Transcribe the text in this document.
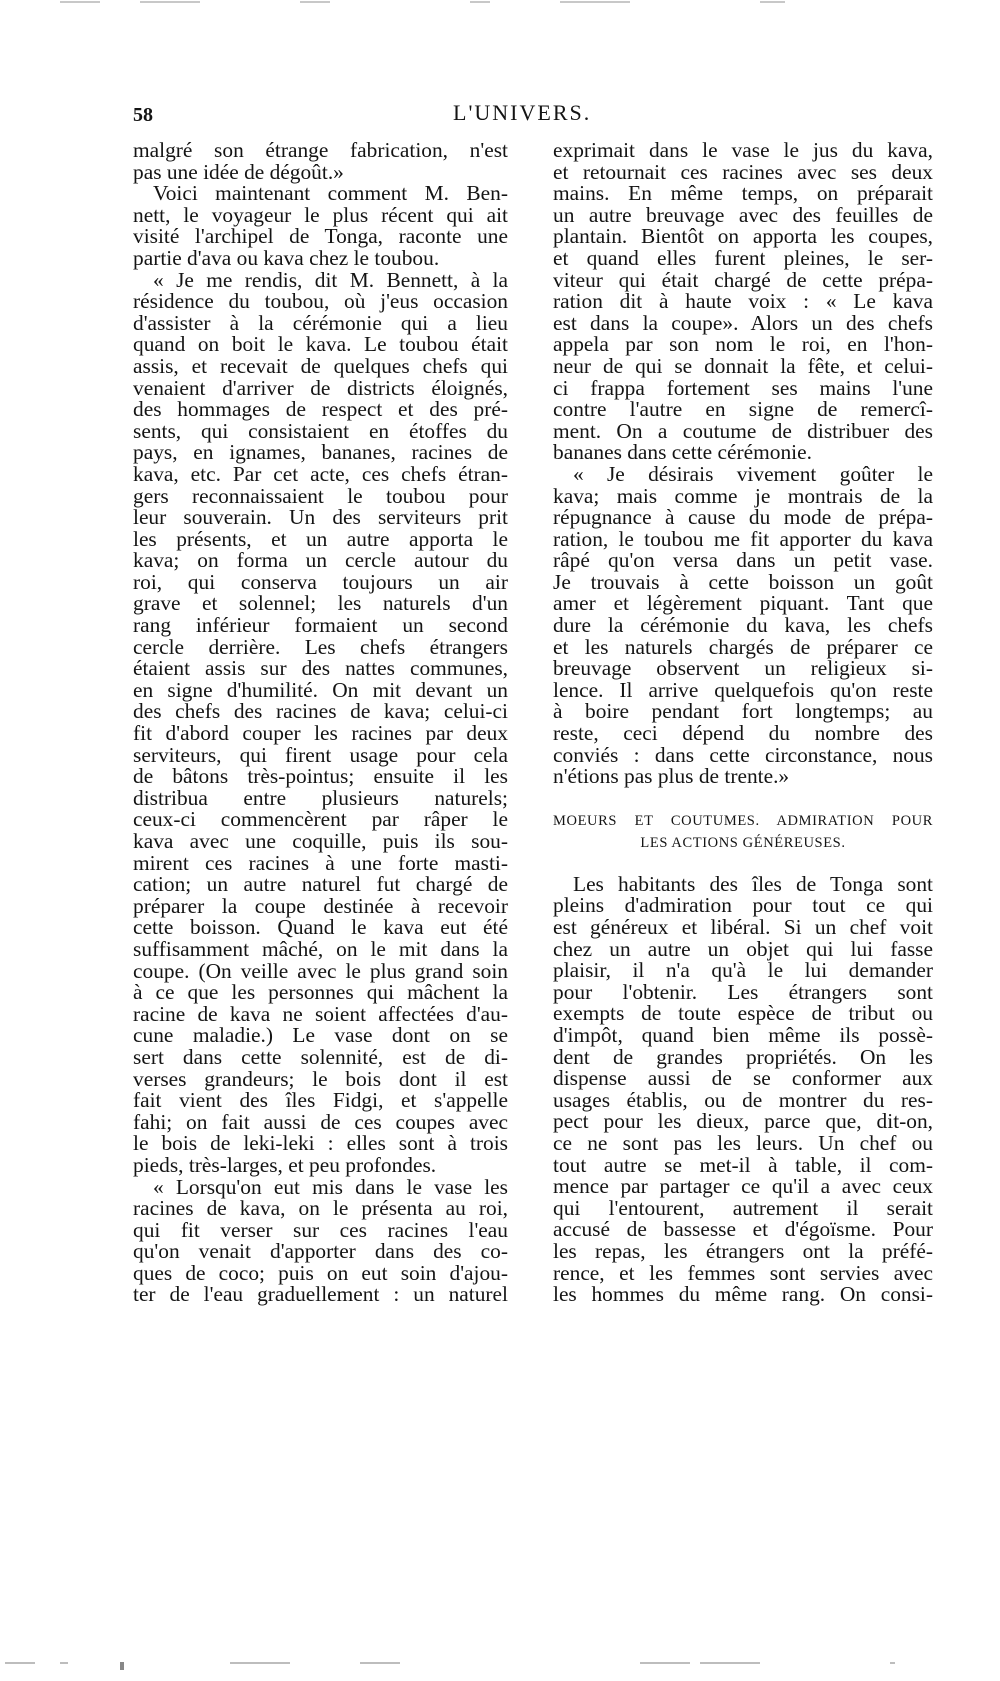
58	L'UNIVERS.
malgré son étrange fabrication, n'est
pas une idée de dégoût.»
Voici maintenant comment M. Ben-
nett, le voyageur le plus récent qui ait
visité l'archipel de Tonga, raconte une
partie d'ava ou kava chez le toubou.
« Je me rendis, dit M. Bennett, à la
résidence du toubou, où j'eus occasion
d'assister à la cérémonie qui a lieu
quand on boit le kava. Le toubou était
assis, et recevait de quelques chefs qui
venaient d'arriver de districts éloignés,
des hommages de respect et des pré-
sents, qui consistaient en étoffes du
pays, en ignames, bananes, racines de
kava, etc. Par cet acte, ces chefs étran-
gers reconnaissaient le toubou pour
leur souverain. Un des serviteurs prit
les présents, et un autre apporta le
kava; on forma un cercle autour du
roi, qui conserva toujours un air
grave et solennel; les naturels d'un
rang inférieur formaient un second
cercle derrière. Les chefs étrangers
étaient assis sur des nattes communes,
en signe d'humilité. On mit devant un
des chefs des racines de kava; celui-ci
fit d'abord couper les racines par deux
serviteurs, qui firent usage pour cela
de bâtons très-pointus; ensuite il les
distribua entre plusieurs naturels;
ceux-ci commencèrent par râper le
kava avec une coquille, puis ils sou-
mirent ces racines à une forte masti-
cation; un autre naturel fut chargé de
préparer la coupe destinée à recevoir
cette boisson. Quand le kava eut été
suffisamment mâché, on le mit dans la
coupe. (On veille avec le plus grand soin
à ce que les personnes qui mâchent la
racine de kava ne soient affectées d'au-
cune maladie.) Le vase dont on se
sert dans cette solennité, est de di-
verses grandeurs; le bois dont il est
fait vient des îles Fidgi, et s'appelle
fahi; on fait aussi de ces coupes avec
le bois de leki-leki : elles sont à trois
pieds, très-larges, et peu profondes.
« Lorsqu'on eut mis dans le vase les
racines de kava, on le présenta au roi,
qui fit verser sur ces racines l'eau
qu'on venait d'apporter dans des co-
ques de coco; puis on eut soin d'ajou-
ter de l'eau graduellement : un naturel
exprimait dans le vase le jus du kava,
et retournait ces racines avec ses deux
mains. En même temps, on préparait
un autre breuvage avec des feuilles de
plantain. Bientôt on apporta les coupes,
et quand elles furent pleines, le ser-
viteur qui était chargé de cette prépa-
ration dit à haute voix : « Le kava
est dans la coupe». Alors un des chefs
appela par son nom le roi, en l'hon-
neur de qui se donnait la fête, et celui-
ci frappa fortement ses mains l'une
contre l'autre en signe de remercî-
ment. On a coutume de distribuer des
bananes dans cette cérémonie.
« Je désirais vivement goûter le
kava; mais comme je montrais de la
répugnance à cause du mode de prépa-
ration, le toubou me fit apporter du kava
râpé qu'on versa dans un petit vase.
Je trouvais à cette boisson un goût
amer et légèrement piquant. Tant que
dure la cérémonie du kava, les chefs
et les naturels chargés de préparer ce
breuvage observent un religieux si-
lence. Il arrive quelquefois qu'on reste
à boire pendant fort longtemps; au
reste, ceci dépend du nombre des
conviés : dans cette circonstance, nous
n'étions pas plus de trente.»
MOEURS ET COUTUMES. ADMIRATION POUR
LES ACTIONS GÉNÉREUSES.
Les habitants des îles de Tonga sont
pleins d'admiration pour tout ce qui
est généreux et libéral. Si un chef voit
chez un autre un objet qui lui fasse
plaisir, il n'a qu'à le lui demander
pour l'obtenir. Les étrangers sont
exempts de toute espèce de tribut ou
d'impôt, quand bien même ils possè-
dent de grandes propriétés. On les
dispense aussi de se conformer aux
usages établis, ou de montrer du res-
pect pour les dieux, parce que, dit-on,
ce ne sont pas les leurs. Un chef ou
tout autre se met-il à table, il com-
mence par partager ce qu'il a avec ceux
qui l'entourent, autrement il serait
accusé de bassesse et d'égoïsme. Pour
les repas, les étrangers ont la préfé-
rence, et les femmes sont servies avec
les hommes du même rang. On consi-
